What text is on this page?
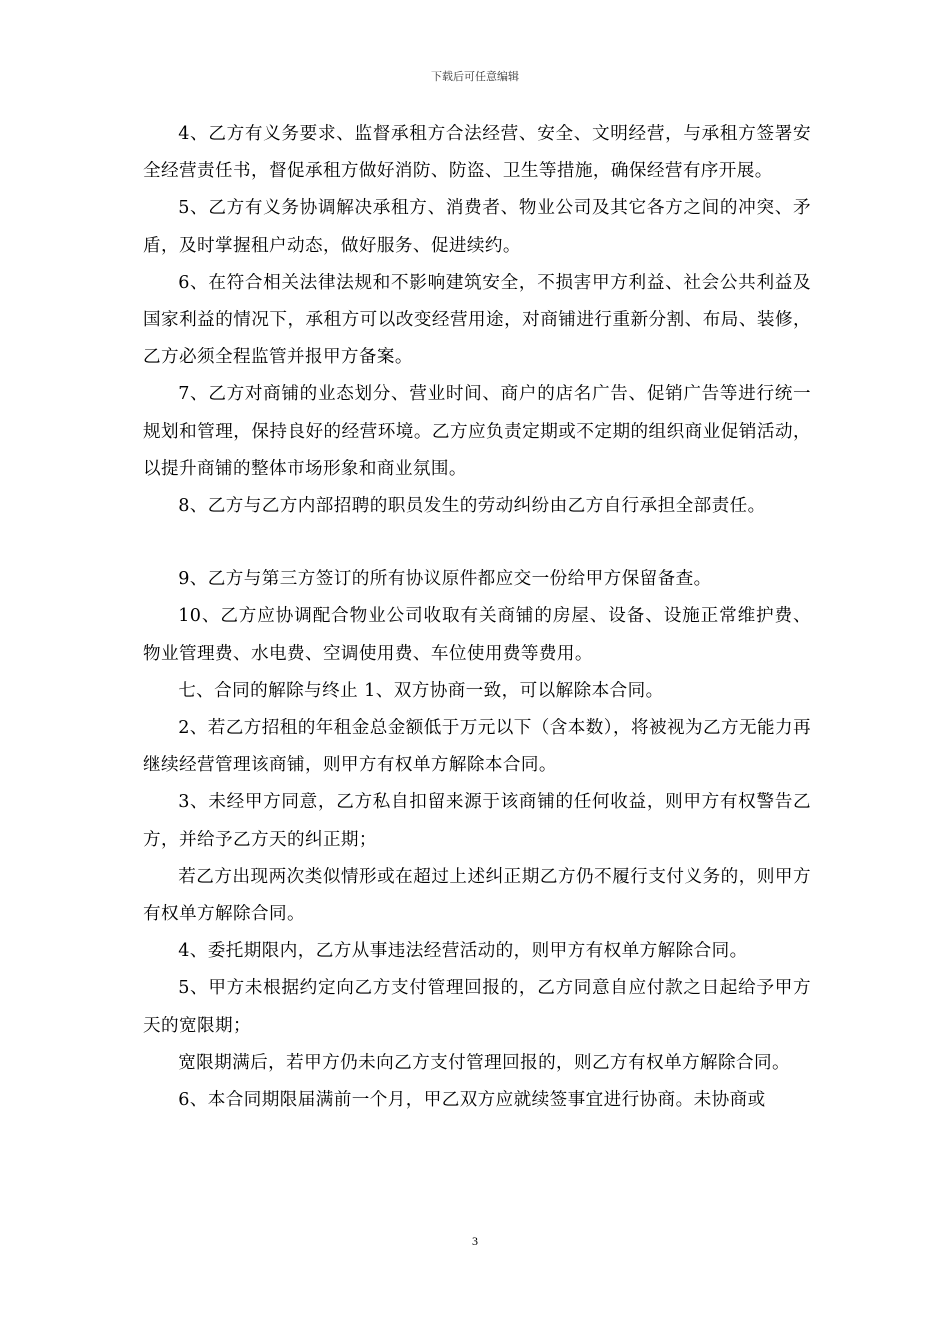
下载后可任意编辑

4、乙方有义务要求、监督承租方合法经营、安全、文明经营，与承租方签署安全经营责任书，督促承租方做好消防、防盗、卫生等措施，确保经营有序开展。

5、乙方有义务协调解决承租方、消费者、物业公司及其它各方之间的冲突、矛盾，及时掌握租户动态，做好服务、促进续约。

6、在符合相关法律法规和不影响建筑安全，不损害甲方利益、社会公共利益及国家利益的情况下，承租方可以改变经营用途，对商铺进行重新分割、布局、装修，乙方必须全程监管并报甲方备案。

7、乙方对商铺的业态划分、营业时间、商户的店名广告、促销广告等进行统一规划和管理，保持良好的经营环境。乙方应负责定期或不定期的组织商业促销活动，以提升商铺的整体市场形象和商业氛围。

8、乙方与乙方内部招聘的职员发生的劳动纠纷由乙方自行承担全部责任。

9、乙方与第三方签订的所有协议原件都应交一份给甲方保留备查。

10、乙方应协调配合物业公司收取有关商铺的房屋、设备、设施正常维护费、物业管理费、水电费、空调使用费、车位使用费等费用。

七、合同的解除与终止 1、双方协商一致，可以解除本合同。

2、若乙方招租的年租金总金额低于万元以下（含本数），将被视为乙方无能力再继续经营管理该商铺，则甲方有权单方解除本合同。

3、未经甲方同意，乙方私自扣留来源于该商铺的任何收益，则甲方有权警告乙方，并给予乙方天的纠正期；

若乙方出现两次类似情形或在超过上述纠正期乙方仍不履行支付义务的，则甲方有权单方解除合同。

4、委托期限内，乙方从事违法经营活动的，则甲方有权单方解除合同。

5、甲方未根据约定向乙方支付管理回报的，乙方同意自应付款之日起给予甲方天的宽限期；

宽限期满后，若甲方仍未向乙方支付管理回报的，则乙方有权单方解除合同。

6、本合同期限届满前一个月，甲乙双方应就续签事宜进行协商。未协商或

3
